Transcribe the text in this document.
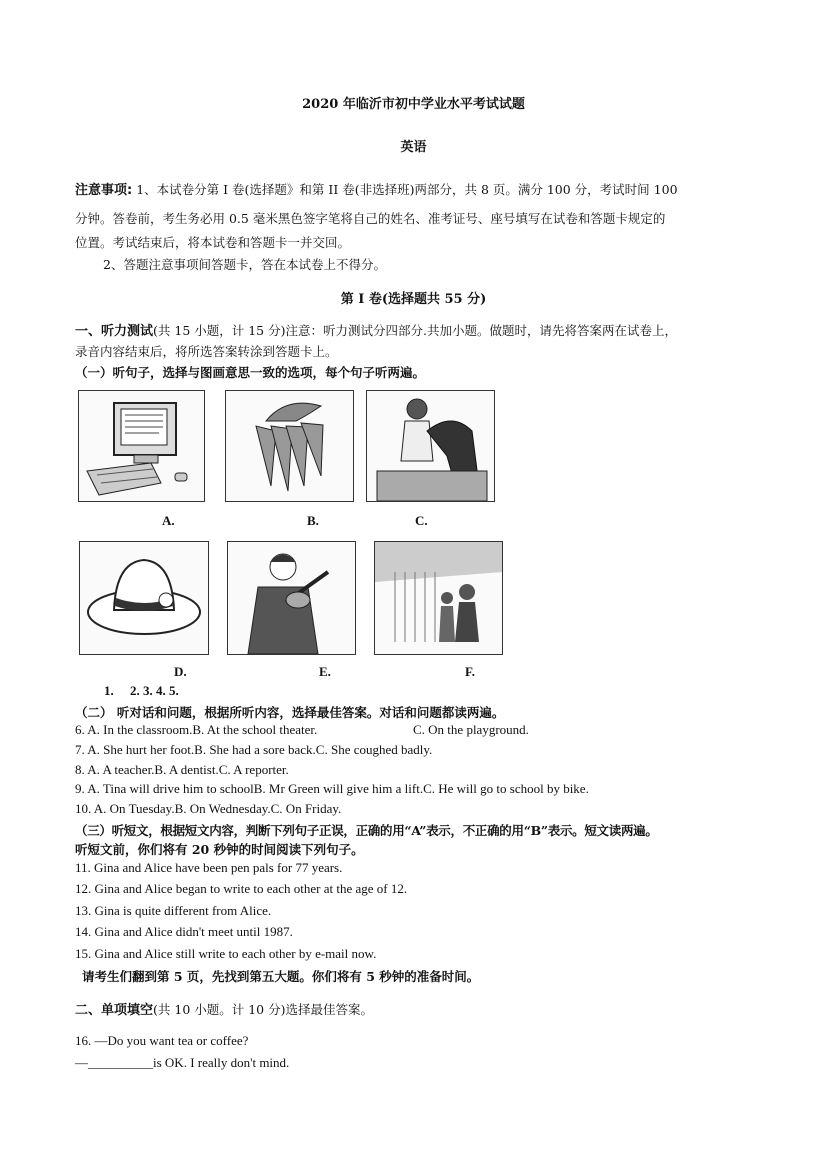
2020 年临沂市初中学业水平考试试题
英语
注意事项: 1、本试卷分第 I 卷(选择题》和第 II 卷(非选择班)两部分，共 8 页。满分 100 分，考试时间 100
分钟。答卷前，考生务必用 0.5 毫米黑色签字笔将自己的姓名、准考证号、座号填写在试卷和答题卡规定的
位置。考试结束后，将本试卷和答题卡一并交回。
2、答题注意事项间答题卡，答在本试卷上不得分。
第 I 卷(选择题共 55 分)
一、听力测试(共 15 小题，计 15 分)注意：听力测试分四部分.共加小题。做题时，请先将答案两在试卷上，
录音内容结束后，将所选答案转涂到答题卡上。
（一）听句子，选择与图画意思一致的选项，每个句子听两遍。
A.	B.	C.
D.	E.	F.
1.     2. 3. 4. 5.
（二） 听对话和问题，根据所听内容，选择最佳答案。对话和问题都读两遍。
6. A. In the classroom.B. At the school theater.	C. On the playground.
7. A. She hurt her foot.B. She had a sore back.C. She coughed badly.
8. A. A teacher.B. A dentist.C. A reporter.
9. A. Tina will drive him to schoolB. Mr Green will give him a lift.C. He will go to school by bike.
10. A. On Tuesday.B. On Wednesday.C. On Friday.
（三）听短文，根据短文内容，判断下列句子正误，正确的用“A”表示，不正确的用“B”表示。短文读两遍。
听短文前，你们将有 20 秒钟的时间阅读下列句子。
11. Gina and Alice have been pen pals for 77 years.
12. Gina and Alice began to write to each other at the age of 12.
13. Gina is quite different from Alice.
14. Gina and Alice didn't meet until 1987.
15. Gina and Alice still write to each other by e-mail now.
请考生们翻到第 5 页，先找到第五大题。你们将有 5 秒钟的准备时间。
二、单项填空(共 10 小题。计 10 分)选择最佳答案。
16. —Do you want tea or coffee?
—__________is OK. I really don't mind.
